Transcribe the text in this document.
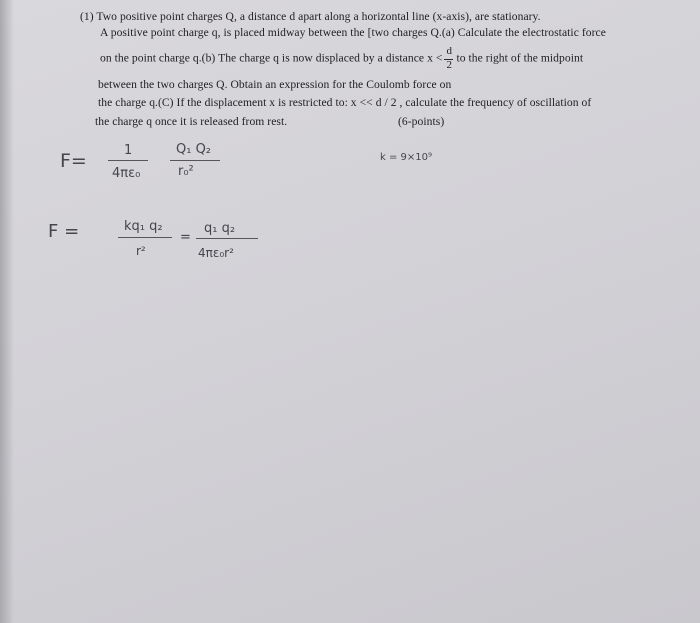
(1) Two positive point charges Q, a distance d apart along a horizontal line (x-axis), are stationary.
A positive point charge q, is placed midway between the [two charges Q.(a) Calculate the electrostatic force
on the point charge q.(b) The charge q is now displaced by a distance $x < \frac{d}{2}$ to the right of the midpoint
between the two charges Q. Obtain an expression for the Coulomb force on
the charge q.(C) If the displacement x is restricted to: x << d / 2 , calculate the frequency of oscillation of
the charge q once it is released from rest.	(6-points)
F=	1
4πε₀
Q₁ Q₂
r₀²
k = 9×10⁹
F =	kq₁ q₂
r²
=
q₁ q₂
4πε₀r²
